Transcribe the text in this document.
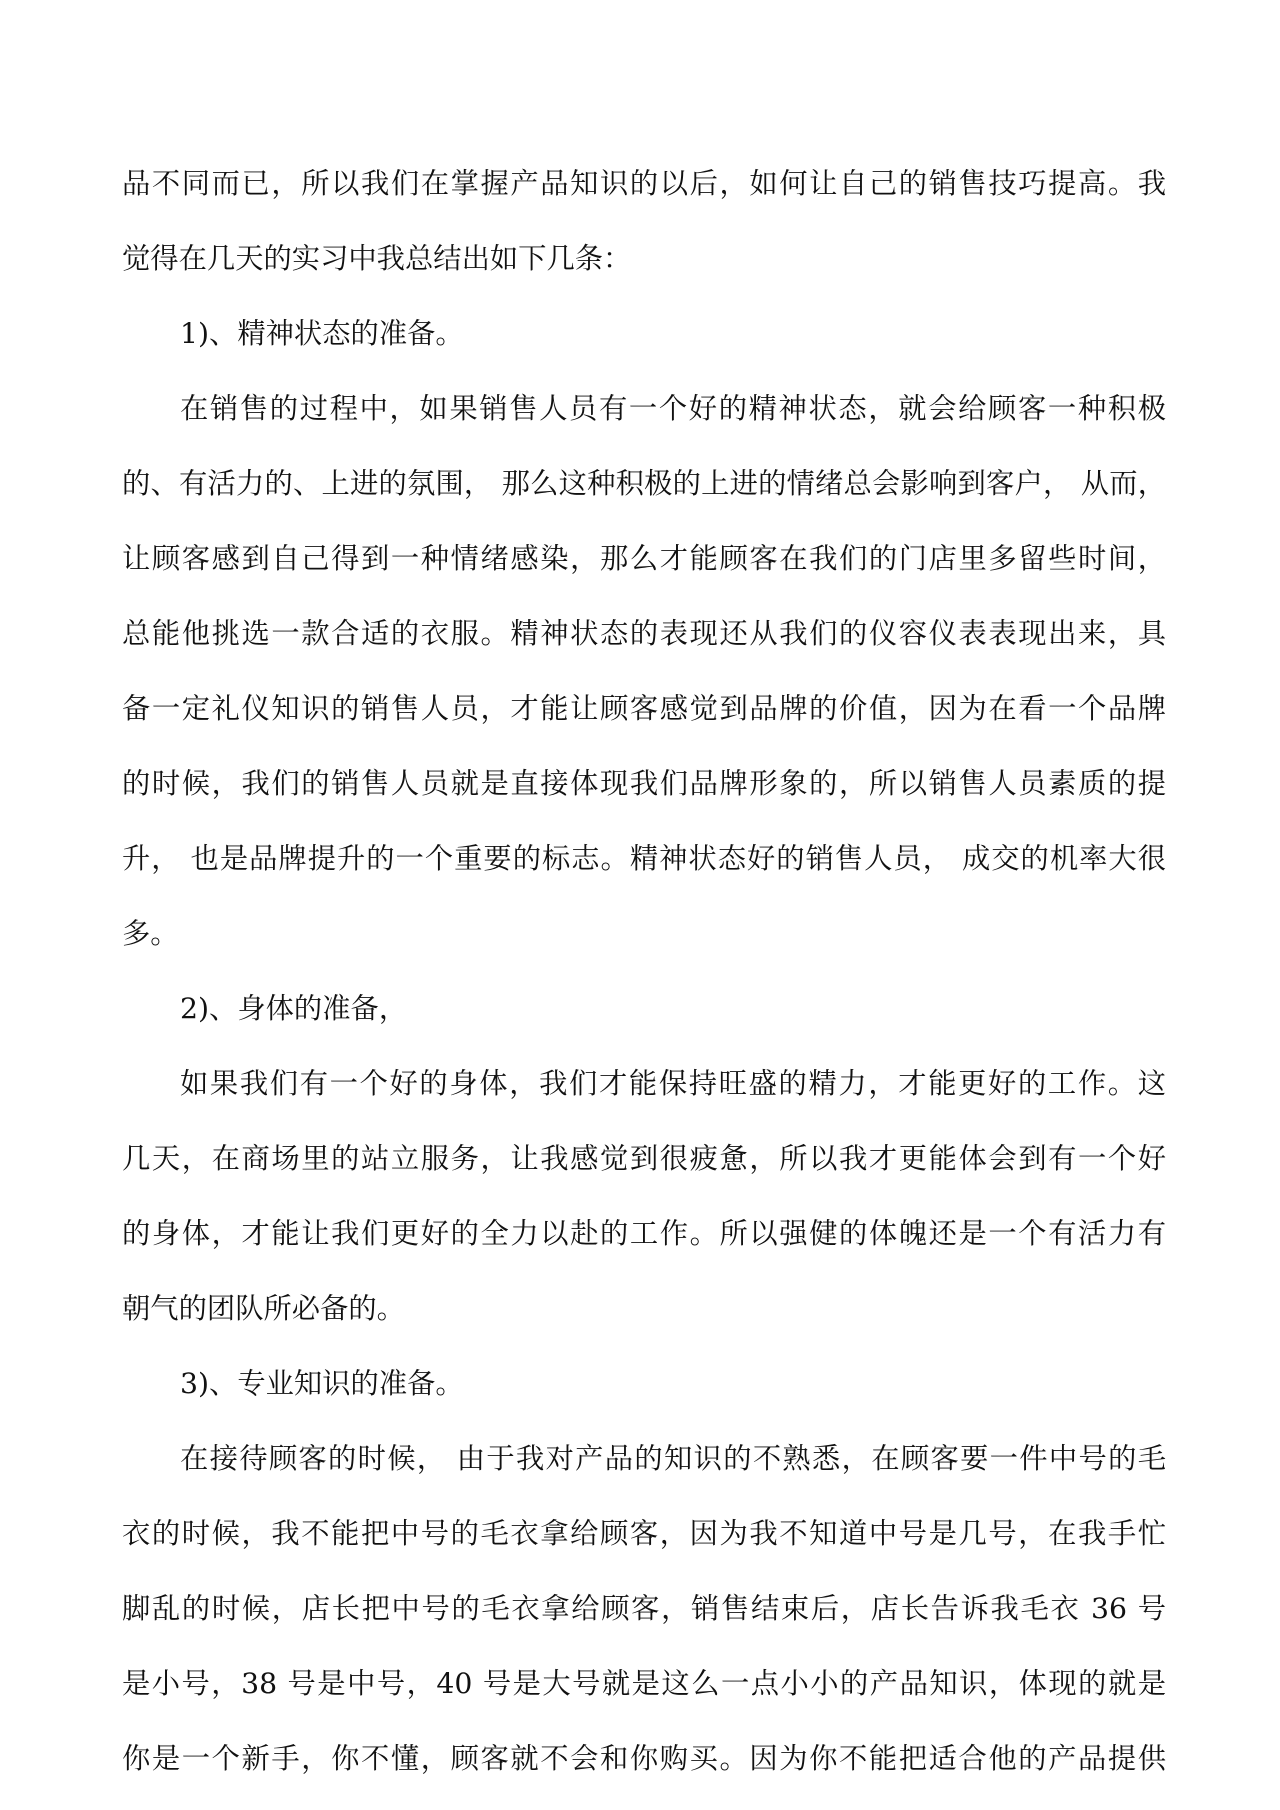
品不同而已，所以我们在掌握产品知识的以后，如何让自己的销售技巧提高。我
觉得在几天的实习中我总结出如下几条：
1)、精神状态的准备。
在销售的过程中，如果销售人员有一个好的精神状态，就会给顾客一种积极
的、有活力的、上进的氛围， 那么这种积极的上进的情绪总会影响到客户， 从而，
让顾客感到自己得到一种情绪感染，那么才能顾客在我们的门店里多留些时间，
总能他挑选一款合适的衣服。精神状态的表现还从我们的仪容仪表表现出来，具
备一定礼仪知识的销售人员，才能让顾客感觉到品牌的价值，因为在看一个品牌
的时候，我们的销售人员就是直接体现我们品牌形象的，所以销售人员素质的提
升， 也是品牌提升的一个重要的标志。精神状态好的销售人员， 成交的机率大很
多。
2)、身体的准备，
如果我们有一个好的身体，我们才能保持旺盛的精力，才能更好的工作。这
几天，在商场里的站立服务，让我感觉到很疲惫，所以我才更能体会到有一个好
的身体，才能让我们更好的全力以赴的工作。所以强健的体魄还是一个有活力有
朝气的团队所必备的。
3)、专业知识的准备。
在接待顾客的时候， 由于我对产品的知识的不熟悉，在顾客要一件中号的毛
衣的时候，我不能把中号的毛衣拿给顾客，因为我不知道中号是几号，在我手忙
脚乱的时候，店长把中号的毛衣拿给顾客，销售结束后，店长告诉我毛衣 36 号
是小号，38 号是中号，40 号是大号就是这么一点小小的产品知识，体现的就是
你是一个新手，你不懂，顾客就不会和你购买。因为你不能把适合他的产品提供
